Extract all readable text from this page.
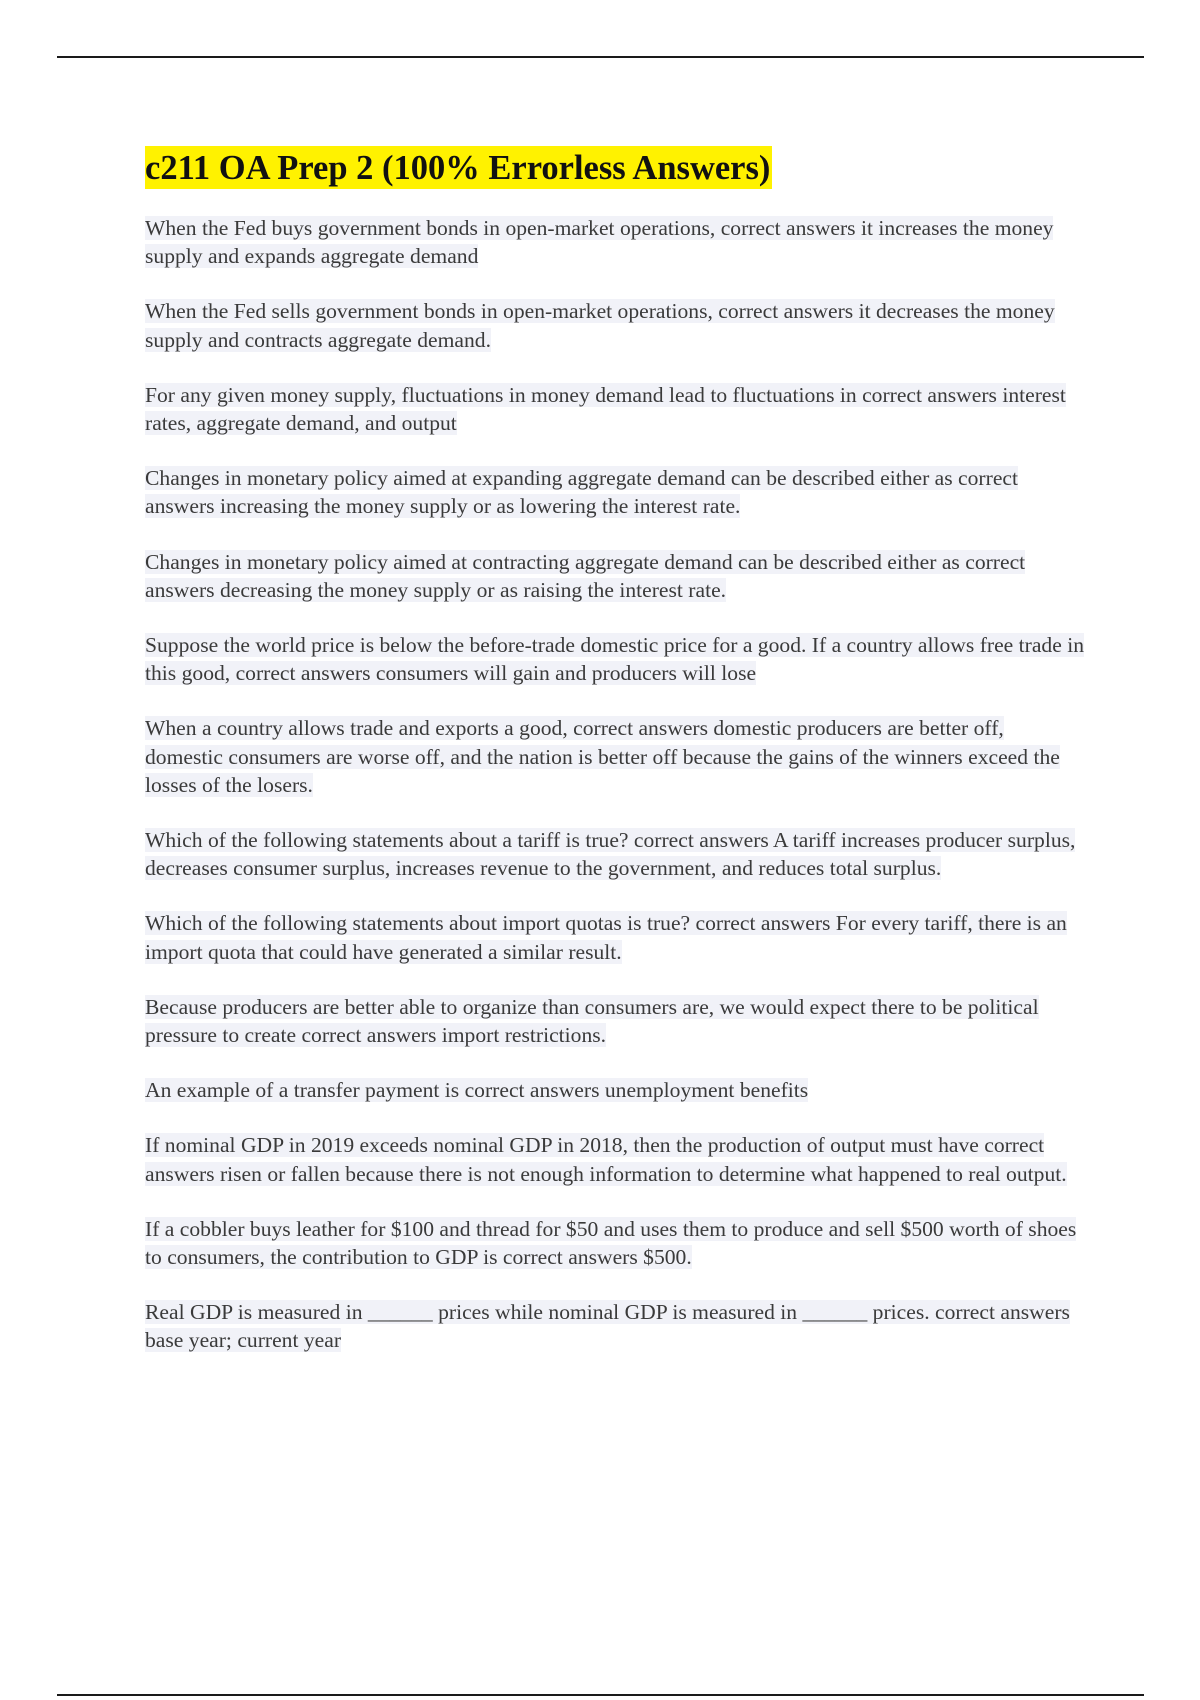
c211 OA Prep 2 (100% Errorless Answers)

When the Fed buys government bonds in open-market operations, correct answers it increases the money supply and expands aggregate demand

When the Fed sells government bonds in open-market operations, correct answers it decreases the money supply and contracts aggregate demand.

For any given money supply, fluctuations in money demand lead to fluctuations in correct answers interest rates, aggregate demand, and output

Changes in monetary policy aimed at expanding aggregate demand can be described either as correct answers increasing the money supply or as lowering the interest rate.

Changes in monetary policy aimed at contracting aggregate demand can be described either as correct answers decreasing the money supply or as raising the interest rate.

Suppose the world price is below the before-trade domestic price for a good. If a country allows free trade in this good, correct answers consumers will gain and producers will lose

When a country allows trade and exports a good, correct answers domestic producers are better off, domestic consumers are worse off, and the nation is better off because the gains of the winners exceed the losses of the losers.

Which of the following statements about a tariff is true? correct answers A tariff increases producer surplus, decreases consumer surplus, increases revenue to the government, and reduces total surplus.

Which of the following statements about import quotas is true? correct answers For every tariff, there is an import quota that could have generated a similar result.

Because producers are better able to organize than consumers are, we would expect there to be political pressure to create correct answers import restrictions.

An example of a transfer payment is correct answers unemployment benefits

If nominal GDP in 2019 exceeds nominal GDP in 2018, then the production of output must have correct answers risen or fallen because there is not enough information to determine what happened to real output.

If a cobbler buys leather for $100 and thread for $50 and uses them to produce and sell $500 worth of shoes to consumers, the contribution to GDP is correct answers $500.

Real GDP is measured in ______ prices while nominal GDP is measured in ______ prices. correct answers base year; current year
